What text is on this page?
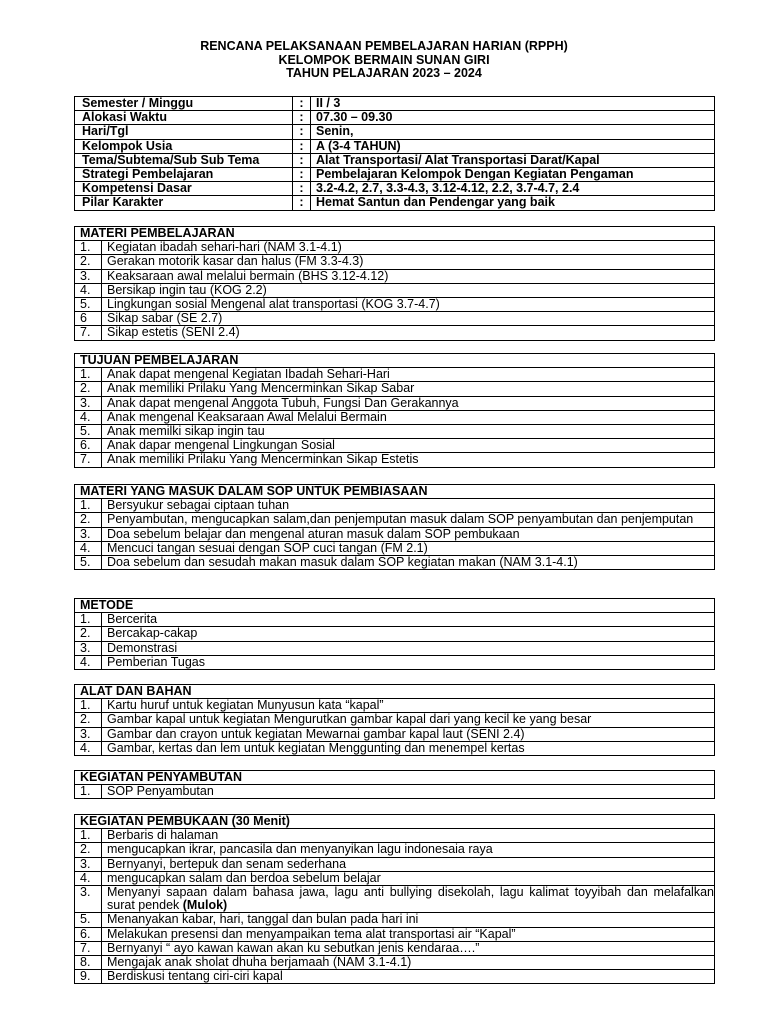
RENCANA PELAKSANAAN PEMBELAJARAN HARIAN (RPPH)
KELOMPOK BERMAIN SUNAN GIRI
TAHUN PELAJARAN 2023 – 2024
Semester / Minggu	:	II / 3
Alokasi Waktu	:	07.30 – 09.30
Hari/Tgl	:	Senin,
Kelompok Usia	:	A (3-4 TAHUN)
Tema/Subtema/Sub Sub Tema	:	Alat Transportasi/ Alat Transportasi Darat/Kapal
Strategi Pembelajaran	:	Pembelajaran Kelompok Dengan Kegiatan Pengaman
Kompetensi Dasar	:	3.2-4.2, 2.7, 3.3-4.3, 3.12-4.12, 2.2, 3.7-4.7, 2.4
Pilar Karakter	:	Hemat Santun dan Pendengar yang baik
MATERI PEMBELAJARAN	
1.	Kegiatan ibadah sehari-hari (NAM 3.1-4.1)
2.	Gerakan motorik kasar dan halus (FM 3.3-4.3)
3.	Keaksaraan awal melalui bermain (BHS 3.12-4.12)
4.	Bersikap ingin tau (KOG 2.2)
5.	Lingkungan sosial Mengenal alat transportasi (KOG 3.7-4.7)
6	Sikap sabar (SE 2.7)
7.	Sikap estetis (SENI 2.4)
TUJUAN PEMBELAJARAN	
1.	Anak dapat mengenal Kegiatan Ibadah Sehari-Hari
2.	Anak memiliki Prilaku Yang Mencerminkan Sikap Sabar
3.	Anak dapat mengenal Anggota Tubuh, Fungsi Dan Gerakannya
4.	Anak mengenal Keaksaraan Awal Melalui Bermain
5.	Anak memilki sikap ingin tau
6.	Anak dapar mengenal Lingkungan Sosial
7.	Anak memiliki Prilaku Yang Mencerminkan Sikap Estetis
MATERI YANG MASUK DALAM SOP UNTUK PEMBIASAAN	
1.	Bersyukur sebagai ciptaan tuhan
2.	Penyambutan, mengucapkan salam,dan penjemputan masuk dalam SOP penyambutan dan penjemputan
3.	Doa sebelum belajar dan mengenal aturan masuk dalam SOP pembukaan
4.	Mencuci tangan sesuai dengan SOP cuci tangan (FM 2.1)
5.	Doa sebelum dan sesudah makan masuk dalam SOP kegiatan makan (NAM 3.1-4.1)
METODE	
1.	Bercerita
2.	Bercakap-cakap
3.	Demonstrasi
4.	Pemberian Tugas
ALAT DAN BAHAN	
1.	Kartu huruf untuk kegiatan Munyusun kata “kapal”
2.	Gambar kapal untuk kegiatan Mengurutkan gambar kapal dari yang kecil ke yang besar
3.	Gambar dan crayon untuk kegiatan Mewarnai gambar kapal laut (SENI 2.4)
4.	Gambar, kertas dan lem untuk kegiatan Menggunting dan menempel kertas
KEGIATAN PENYAMBUTAN
1.	SOP Penyambutan
KEGIATAN PEMBUKAAN (30 Menit)	
1.	Berbaris di halaman
2.	mengucapkan ikrar, pancasila dan menyanyikan lagu indonesaia raya
3.	Bernyanyi, bertepuk dan senam sederhana
4.	mengucapkan salam dan berdoa sebelum belajar
3.	Menyanyi sapaan dalam bahasa jawa, lagu anti bullying disekolah, lagu kalimat toyyibah dan melafalkan surat pendek (Mulok)
5.	Menanyakan kabar, hari, tanggal dan bulan pada hari ini
6.	Melakukan presensi dan menyampaikan tema alat transportasi air “Kapal”
7.	Bernyanyi “ ayo kawan kawan akan ku sebutkan jenis kendaraa….”
8.	Mengajak anak sholat dhuha berjamaah (NAM 3.1-4.1)
9.	Berdiskusi tentang ciri-ciri kapal
